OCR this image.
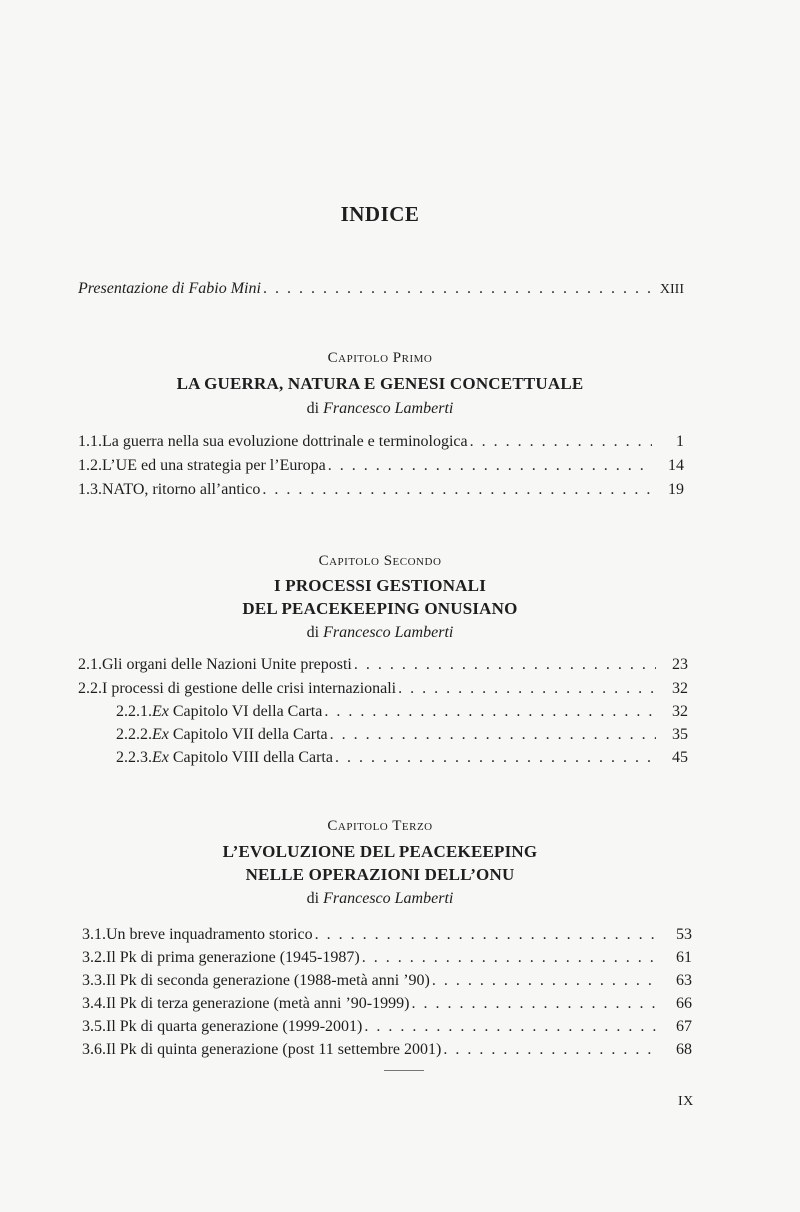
INDICE
Presentazione di Fabio Mini . . .	XIII
Capitolo Primo
LA GUERRA, NATURA E GENESI CONCETTUALE
di Francesco Lamberti
1.1. La guerra nella sua evoluzione dottrinale e terminologica . . .	1
1.2. L’UE ed una strategia per l’Europa . . .	14
1.3. NATO, ritorno all’antico . . .	19
Capitolo Secondo
I PROCESSI GESTIONALI
DEL PEACEKEEPING ONUSIANO
di Francesco Lamberti
2.1. Gli organi delle Nazioni Unite preposti . . .	23
2.2. I processi di gestione delle crisi internazionali . . .	32
2.2.1. Ex Capitolo VI della Carta . . .	32
2.2.2. Ex Capitolo VII della Carta . . .	35
2.2.3. Ex Capitolo VIII della Carta . . .	45
Capitolo Terzo
L’EVOLUZIONE DEL PEACEKEEPING
NELLE OPERAZIONI DELL’ONU
di Francesco Lamberti
3.1. Un breve inquadramento storico . . .	53
3.2. Il Pk di prima generazione (1945-1987) . . .	61
3.3. Il Pk di seconda generazione (1988-metà anni ’90) . . .	63
3.4. Il Pk di terza generazione (metà anni ’90-1999) . . .	66
3.5. Il Pk di quarta generazione (1999-2001) . . .	67
3.6. Il Pk di quinta generazione (post 11 settembre 2001) . . .	68
IX
